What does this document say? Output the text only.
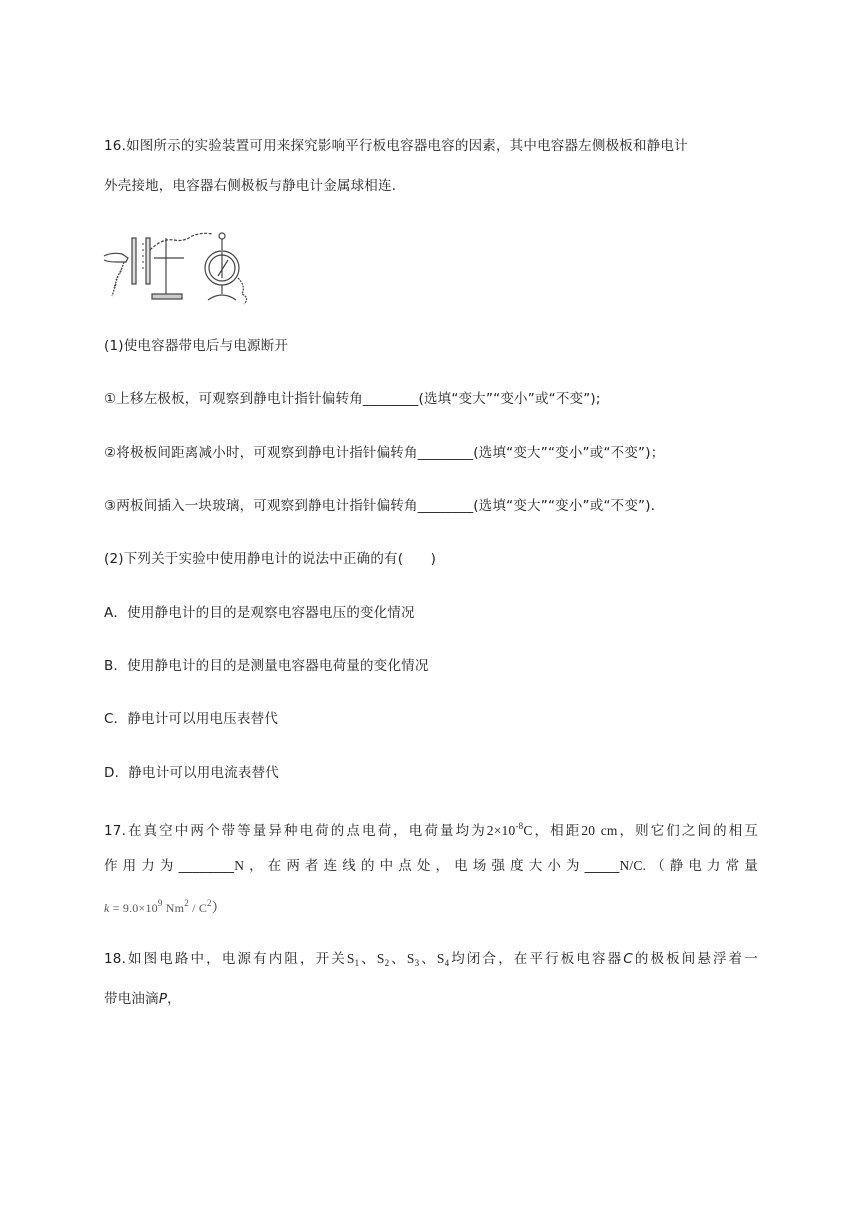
16.如图所示的实验装置可用来探究影响平行板电容器电容的因素，其中电容器左侧极板和静电计
外壳接地，电容器右侧极板与静电计金属球相连．
(1)使电容器带电后与电源断开
①上移左极板，可观察到静电计指针偏转角________(选填“变大”“变小”或“不变”);
②将极板间距离减小时，可观察到静电计指针偏转角________(选填“变大”“变小”或“不变”)；
③两板间插入一块玻璃，可观察到静电计指针偏转角________(选填“变大”“变小”或“不变”)．
(2)下列关于实验中使用静电计的说法中正确的有(　　)
A．使用静电计的目的是观察电容器电压的变化情况
B．使用静电计的目的是测量电容器电荷量的变化情况
C．静电计可以用电压表替代
D．静电计可以用电流表替代
17.在真空中两个带等量异种电荷的点电荷，电荷量均为$2\times 10^{-8}C$，相距20 cm，则它们之间的相互
作用力为________N，在两者连线的中点处，电场强度大小为_____N/C.（静电力常量
$k = 9.0\times 10^9$ $Nm^2 / C^2$）
18.如图电路中，电源有内阻，开关$S_1$、$S_2$、$S_3$、$S_4$均闭合，在平行板电容器C的极板间悬浮着一
带电油滴P，
